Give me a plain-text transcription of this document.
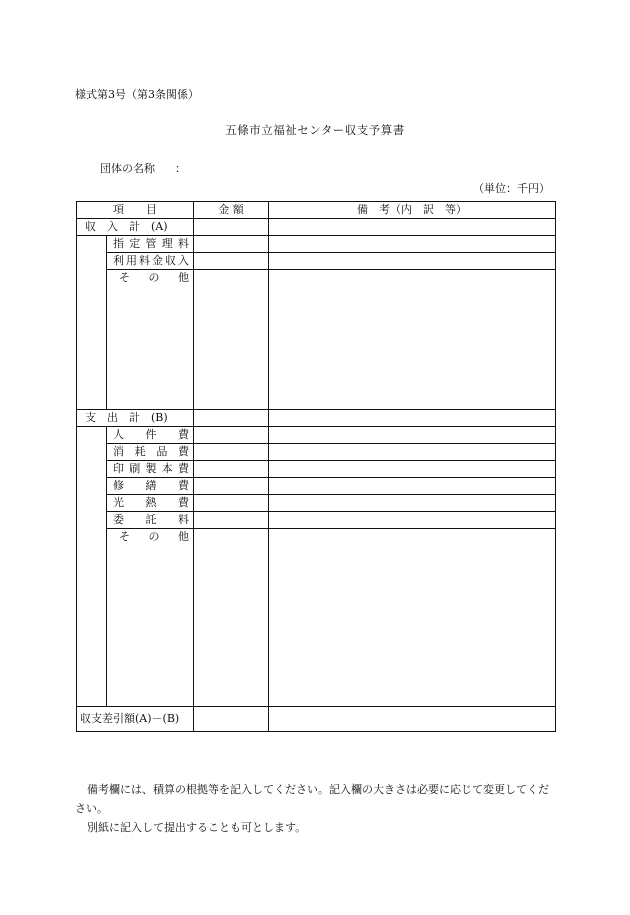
様式第3号（第3条関係）
五條市立福祉センター収支予算書
団体の名称 ：
（単位：千円）
項　　目		金 額	備　考（内　訳　等）
収　入　計　(A)			

	指定管理料		

	利用料金収入		

	そ　の　他		

支　出　計　(B)			

	人　件　費		

	消耗品費		

	印刷製本費		

	修　繕　費		

	光　熱　費		

	委　託　料		

	そ　の　他		

収支差引額(A)－(B)			

備考欄には、積算の根拠等を記入してください。記入欄の大きさは必要に応じて変更してください。

別紙に記入して提出することも可とします。
